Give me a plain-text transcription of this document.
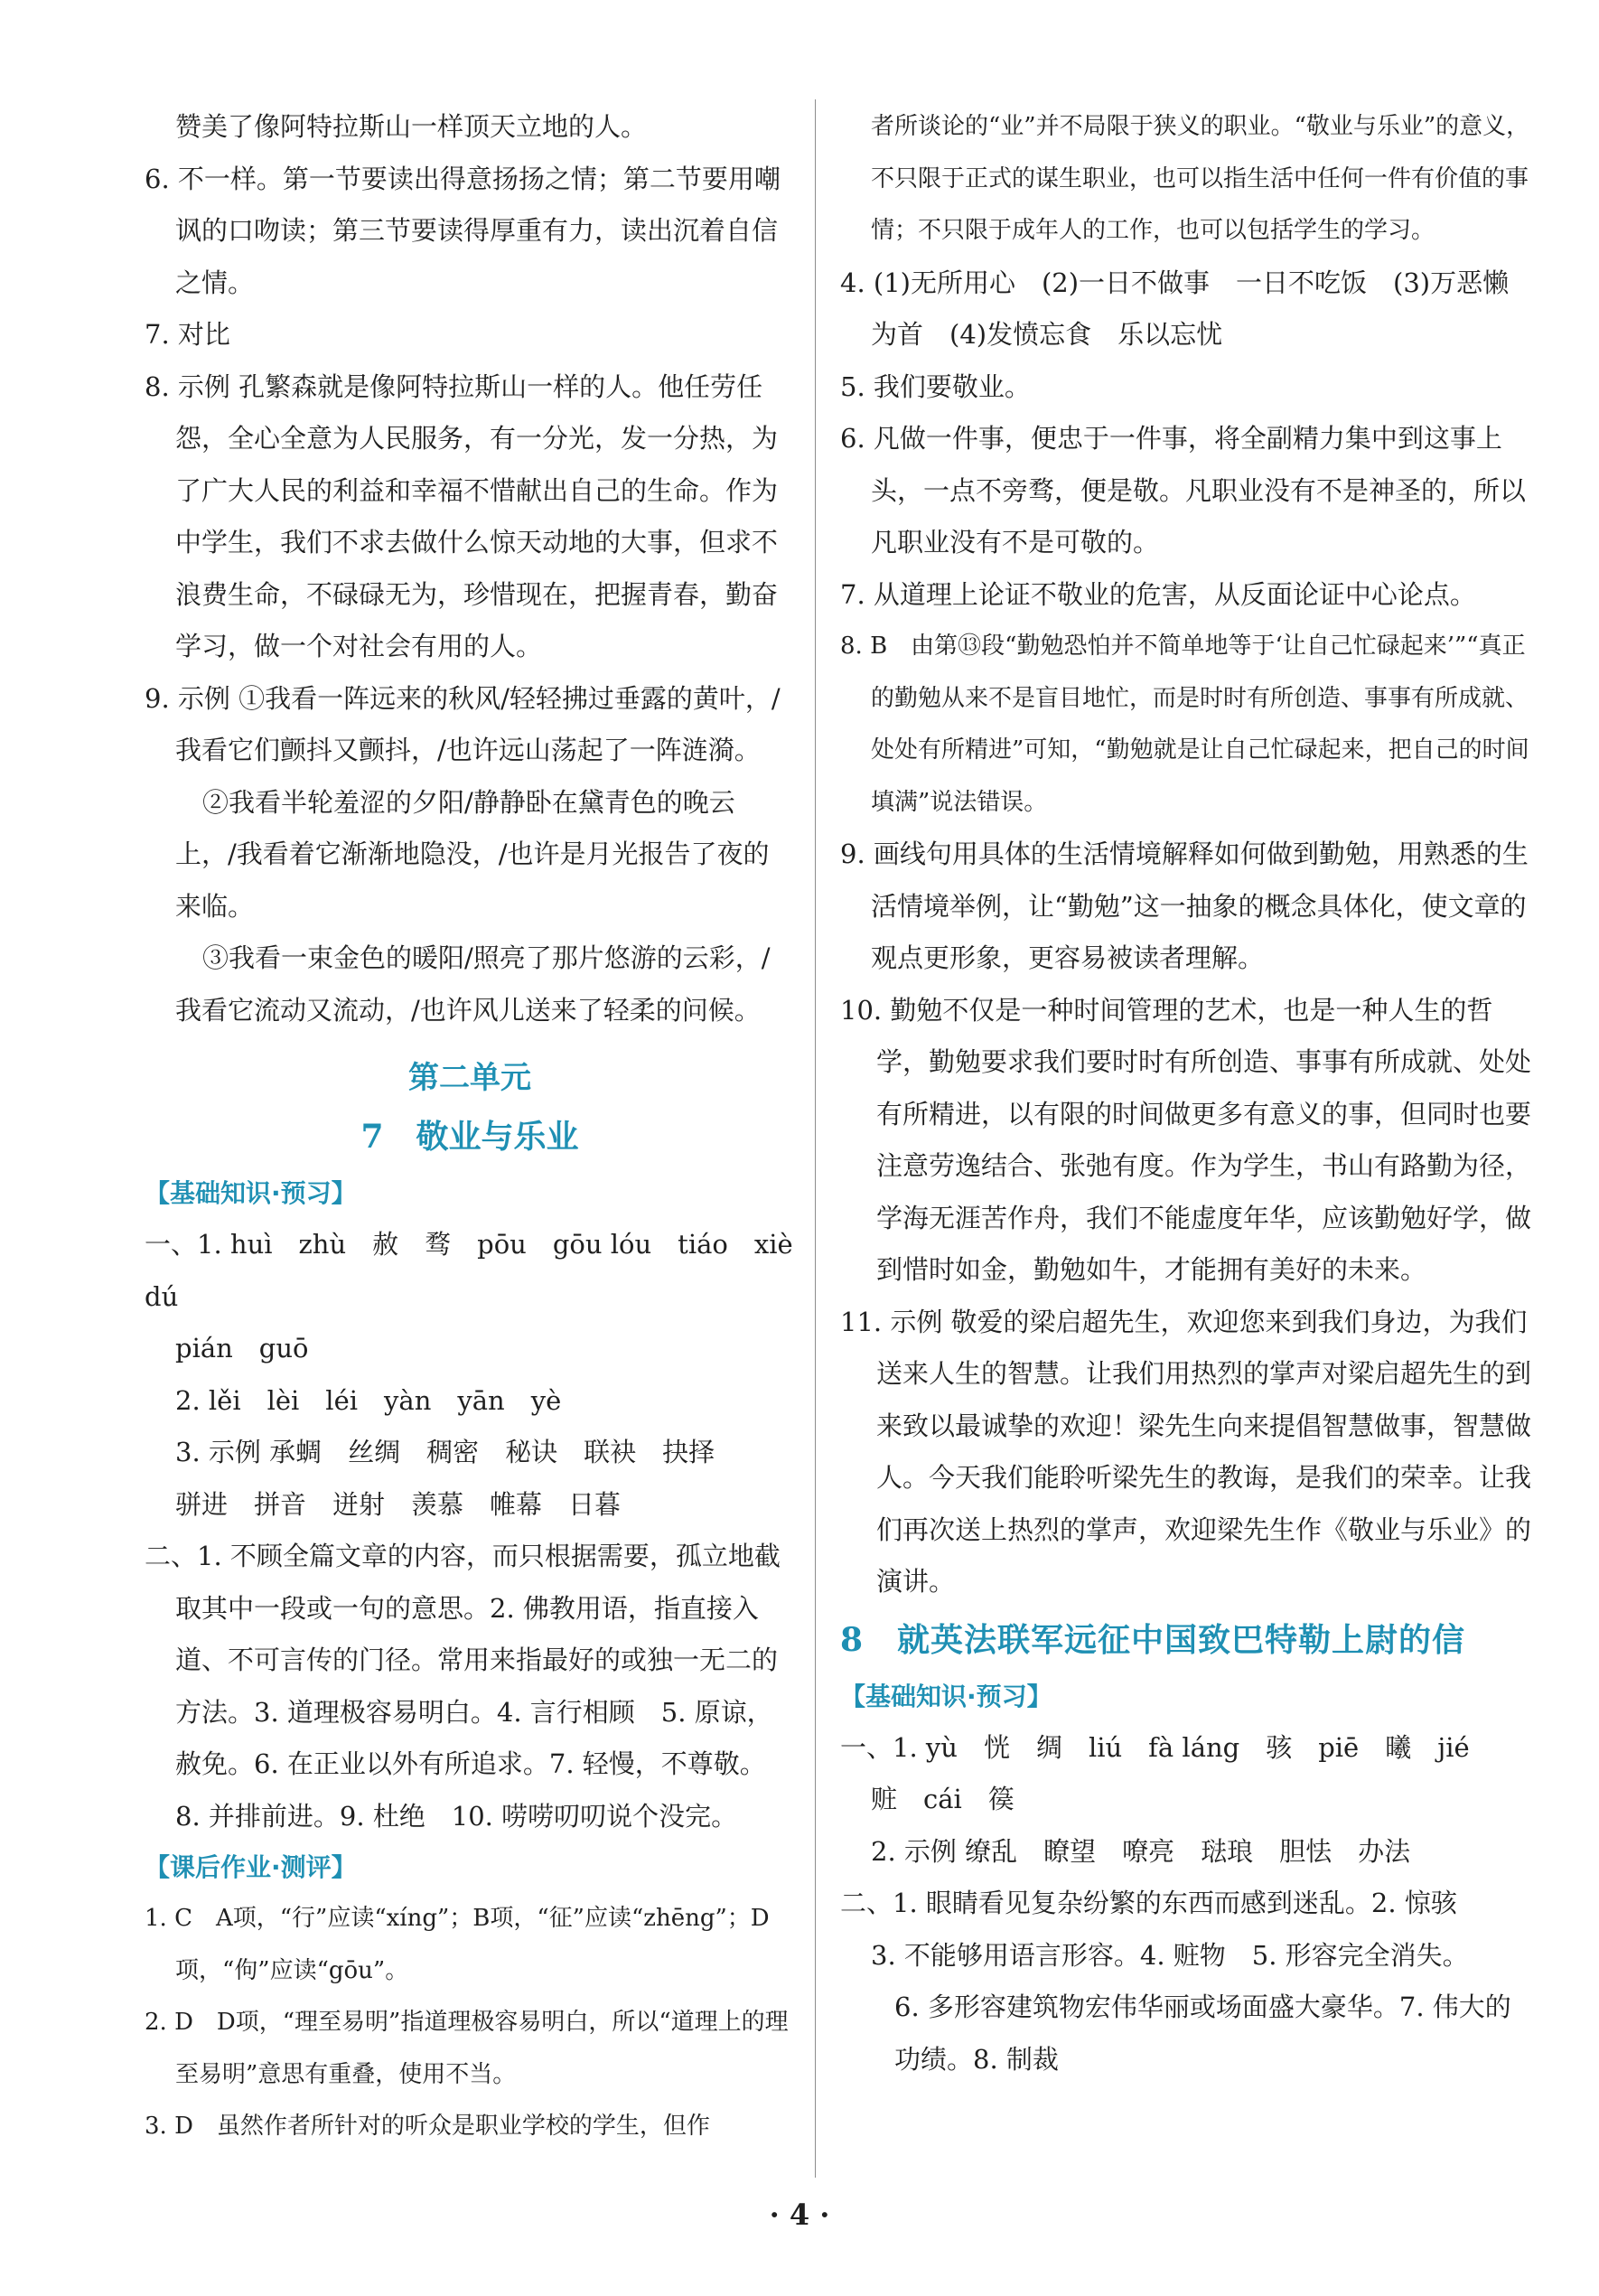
赞美了像阿特拉斯山一样顶天立地的人。

6. 不一样。第一节要读出得意扬扬之情；第二节要用嘲讽的口吻读；第三节要读得厚重有力，读出沉着自信之情。

7. 对比

8. 示例 孔繁森就是像阿特拉斯山一样的人。他任劳任怨，全心全意为人民服务，有一分光，发一分热，为了广大人民的利益和幸福不惜献出自己的生命。作为中学生，我们不求去做什么惊天动地的大事，但求不浪费生命，不碌碌无为，珍惜现在，把握青春，勤奋学习，做一个对社会有用的人。

9. 示例 ①我看一阵远来的秋风/轻轻拂过垂露的黄叶，/我看它们颤抖又颤抖，/也许远山荡起了一阵涟漪。

②我看半轮羞涩的夕阳/静静卧在黛青色的晚云上，/我看着它渐渐地隐没，/也许是月光报告了夜的来临。

③我看一束金色的暖阳/照亮了那片悠游的云彩，/我看它流动又流动，/也许风儿送来了轻柔的问候。

第二单元
7　敬业与乐业
【基础知识·预习】

一、1. huì　zhù　赦　骛　pōu　gōu lóu　tiáo　xiè dú

pián　guō

2. lěi　lèi　léi　yàn　yān　yè

3. 示例 承蜩　丝绸　稠密　秘诀　联袂　抉择

骈进　拼音　迸射　羡慕　帷幕　日暮

二、1. 不顾全篇文章的内容，而只根据需要，孤立地截取其中一段或一句的意思。2. 佛教用语，指直接入道、不可言传的门径。常用来指最好的或独一无二的方法。3. 道理极容易明白。4. 言行相顾　5. 原谅，赦免。6. 在正业以外有所追求。7. 轻慢，不尊敬。

8. 并排前进。9. 杜绝　10. 唠唠叨叨说个没完。

【课后作业·测评】

1. C　A项，“行”应读“xíng”；B项，“征”应读“zhēng”；D项，“佝”应读“gōu”。

2. D　D项，“理至易明”指道理极容易明白，所以“道理上的理至易明”意思有重叠，使用不当。

3. D　虽然作者所针对的听众是职业学校的学生，但作

者所谈论的“业”并不局限于狭义的职业。“敬业与乐业”的意义，不只限于正式的谋生职业，也可以指生活中任何一件有价值的事情；不只限于成年人的工作，也可以包括学生的学习。

4. (1)无所用心　(2)一日不做事　一日不吃饭　(3)万恶懒为首　(4)发愤忘食　乐以忘忧

5. 我们要敬业。

6. 凡做一件事，便忠于一件事，将全副精力集中到这事上头，一点不旁骛，便是敬。凡职业没有不是神圣的，所以凡职业没有不是可敬的。

7. 从道理上论证不敬业的危害，从反面论证中心论点。

8. B　由第⑬段“勤勉恐怕并不简单地等于‘让自己忙碌起来’”“真正的勤勉从来不是盲目地忙，而是时时有所创造、事事有所成就、处处有所精进”可知，“勤勉就是让自己忙碌起来，把自己的时间填满”说法错误。

9. 画线句用具体的生活情境解释如何做到勤勉，用熟悉的生活情境举例，让“勤勉”这一抽象的概念具体化，使文章的观点更形象，更容易被读者理解。

10. 勤勉不仅是一种时间管理的艺术，也是一种人生的哲学，勤勉要求我们要时时有所创造、事事有所成就、处处有所精进，以有限的时间做更多有意义的事，但同时也要注意劳逸结合、张弛有度。作为学生，书山有路勤为径，学海无涯苦作舟，我们不能虚度年华，应该勤勉好学，做到惜时如金，勤勉如牛，才能拥有美好的未来。

11. 示例 敬爱的梁启超先生，欢迎您来到我们身边，为我们送来人生的智慧。让我们用热烈的掌声对梁启超先生的到来致以最诚挚的欢迎！梁先生向来提倡智慧做事，智慧做人。今天我们能聆听梁先生的教诲，是我们的荣幸。让我们再次送上热烈的掌声，欢迎梁先生作《敬业与乐业》的演讲。

8　就英法联军远征中国致巴特勒上尉的信
【基础知识·预习】

一、1. yù　恍　绸　liú　fà láng　骇　piē　曦　jié

赃　cái　篌

2. 示例 缭乱　瞭望　嘹亮　琺琅　胆怯　办法

二、1. 眼睛看见复杂纷繁的东西而感到迷乱。2. 惊骇

3. 不能够用语言形容。4. 赃物　5. 形容完全消失。

6. 多形容建筑物宏伟华丽或场面盛大豪华。7. 伟大的功绩。8. 制裁

· 4 ·
